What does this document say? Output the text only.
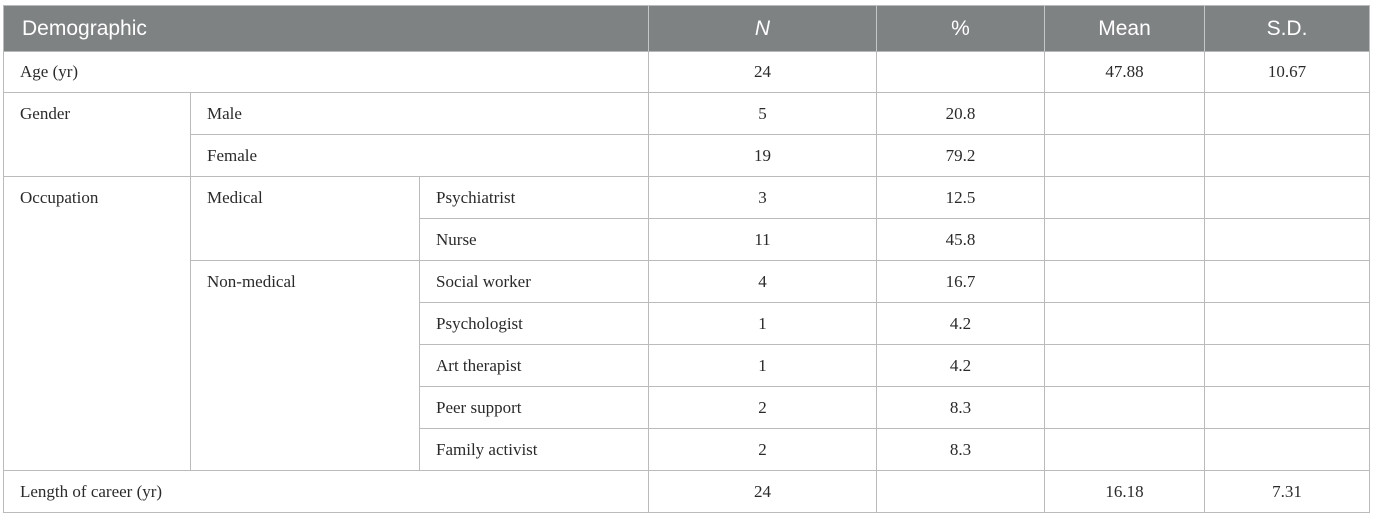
Demographic			N	%	Mean	S.D.
Age (yr)			24		47.88	10.67
Gender	Male		5	20.8		
	Female		19	79.2		
Occupation	Medical	Psychiatrist	3	12.5		
		Nurse	11	45.8		
	Non-medical	Social worker	4	16.7		
		Psychologist	1	4.2		
		Art therapist	1	4.2		
		Peer support	2	8.3		
		Family activist	2	8.3		
Length of career (yr)			24		16.18	7.31
